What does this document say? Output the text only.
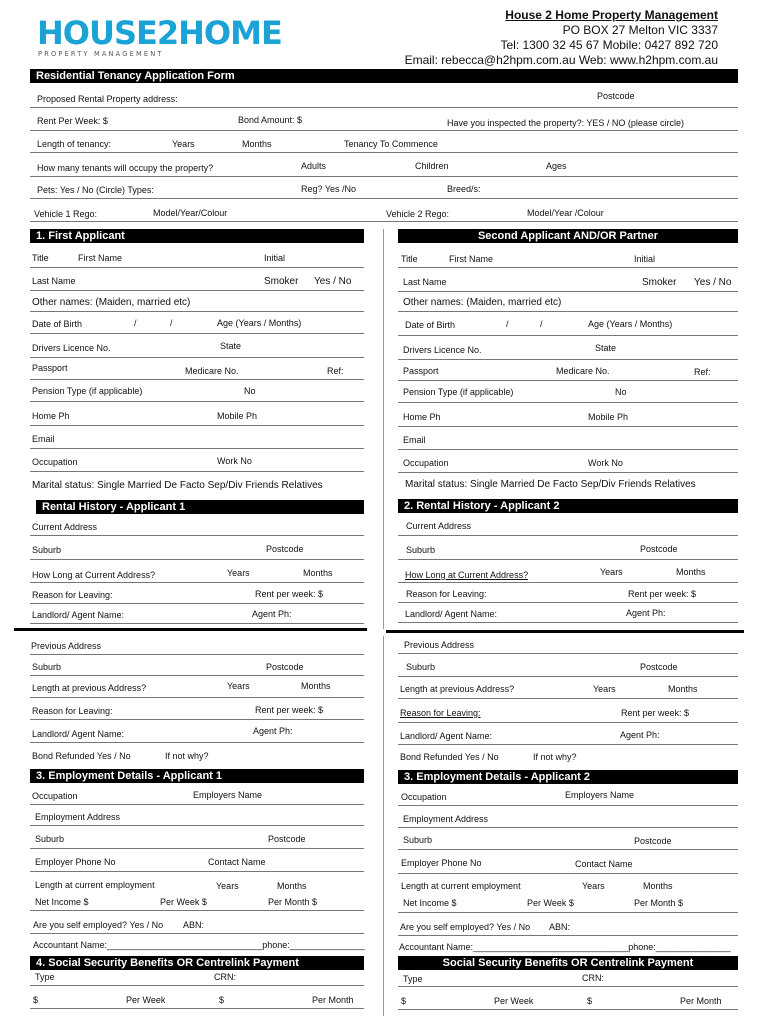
HOUSE2HOME
PROPERTY MANAGEMENT
House 2 Home Property Management
PO BOX 27 Melton VIC 3337
Tel: 1300 32 45 67 Mobile: 0427 892 720
Email: rebecca@h2hpm.com.au Web: www.h2hpm.com.au
Residential Tenancy Application Form
Postcode
Proposed Rental Property address:
Rent Per Week: $	Bond Amount: $	Have you inspected the property?: YES / NO (please circle)
Length of tenancy:	Years	Months	Tenancy To Commence
How many tenants will occupy the property?	Adults	Children	Ages
Pets: Yes / No (Circle) Types:	Reg? Yes /No	Breed/s:
Vehicle 1 Rego:	Model/Year/Colour	Vehicle 2 Rego:	Model/Year /Colour
1. First Applicant	Second Applicant AND/OR Partner
Title	First Name	Initial
Last Name	Smoker Yes / No
Other names: (Maiden, married etc)
Date of Birth	/	/	Age (Years / Months)
Drivers Licence No.	State
Passport	Medicare No.	Ref:
Pension Type (if applicable)	No
Home Ph	Mobile Ph
Email
Occupation	Work No
Marital status: Single Married De Facto Sep/Div Friends Relatives
Title	First Name	Initial
Last Name	Smoker Yes / No
Other names: (Maiden, married etc)
Date of Birth	/	/	Age (Years / Months)
Drivers Licence No.	State
Passport	Medicare No.	Ref:
Pension Type (if applicable)	No
Home Ph	Mobile Ph
Email
Occupation	Work No
Marital status: Single Married De Facto Sep/Div Friends Relatives
Rental History - Applicant 1	2. Rental History - Applicant 2
Current Address
Suburb	Postcode
How Long at Current Address?	Years	Months
Reason for Leaving:	Rent per week: $
Landlord/ Agent Name:	Agent Ph:
Current Address
Suburb	Postcode
How Long at Current Address?	Years	Months
Reason for Leaving:	Rent per week: $
Landlord/ Agent Name:	Agent Ph:
Previous Address
Suburb	Postcode
Length at previous Address?	Years	Months
Reason for Leaving:	Rent per week: $
Landlord/ Agent Name:	Agent Ph:
Bond Refunded Yes / No	If not why?
Previous Address
Suburb	Postcode
Length at previous Address?	Years	Months
Reason for Leaving:	Rent per week: $
Landlord/ Agent Name:	Agent Ph:
Bond Refunded Yes / No	If not why?
3. Employment Details - Applicant 1	3. Employment Details - Applicant 2
Occupation	Employers Name
Employment Address
Suburb	Postcode
Employer Phone No	Contact Name
Length at current employment	Years	Months
Net Income $	Per Week $	Per Month $
Are you self employed? Yes / No ABN:
Accountant Name:_______________________________phone:_______________
Occupation	Employers Name
Employment Address
Suburb	Postcode
Employer Phone No	Contact Name
Length at current employment	Years	Months
Net Income $	Per Week $	Per Month $
Are you self employed? Yes / No ABN:
Accountant Name:_______________________________phone:_______________
4. Social Security Benefits OR Centrelink Payment	Social Security Benefits OR Centrelink Payment
Type	CRN:
$	Per Week	$	Per Month
Type	CRN:
$	Per Week	$	Per Month
